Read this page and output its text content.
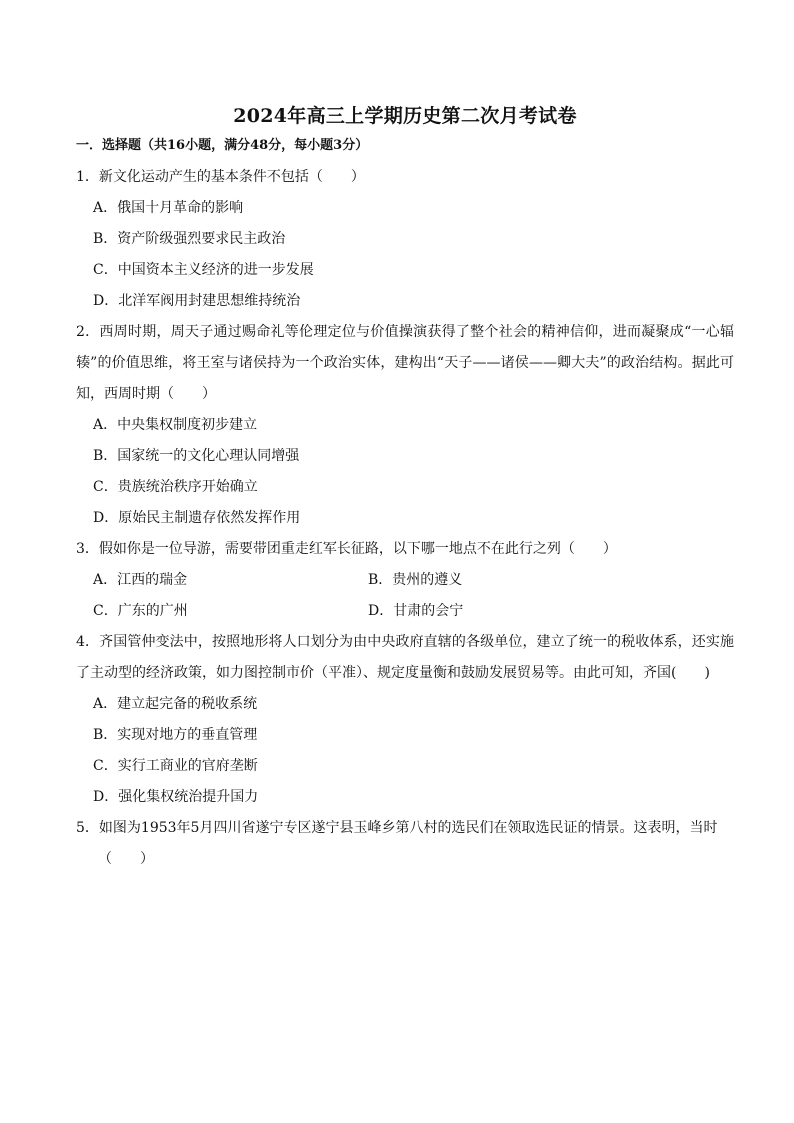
2024年高三上学期历史第二次月考试卷
一．选择题（共16小题，满分48分，每小题3分）
1．新文化运动产生的基本条件不包括（　　）
A．俄国十月革命的影响
B．资产阶级强烈要求民主政治
C．中国资本主义经济的进一步发展
D．北洋军阀用封建思想维持统治
2．西周时期，周天子通过赐命礼等伦理定位与价值操演获得了整个社会的精神信仰，进而凝聚成“一心辐辏”的价值思维，将王室与诸侯持为一个政治实体，建构出“天子——诸侯——卿大夫”的政治结构。据此可知，西周时期（　　）
A．中央集权制度初步建立
B．国家统一的文化心理认同增强
C．贵族统治秩序开始确立
D．原始民主制遗存依然发挥作用
3．假如你是一位导游，需要带团重走红军长征路，以下哪一地点不在此行之列（　　）
A．江西的瑞金	B．贵州的遵义
C．广东的广州	D．甘肃的会宁
4．齐国管仲变法中，按照地形将人口划分为由中央政府直辖的各级单位，建立了统一的税收体系，还实施了主动型的经济政策，如力图控制市价（平准）、规定度量衡和鼓励发展贸易等。由此可知，齐国(　　)
A．建立起完备的税收系统
B．实现对地方的垂直管理
C．实行工商业的官府垄断
D．强化集权统治提升国力
5．如图为1953年5月四川省遂宁专区遂宁县玉峰乡第八村的选民们在领取选民证的情景。这表明，当时
（　　）
